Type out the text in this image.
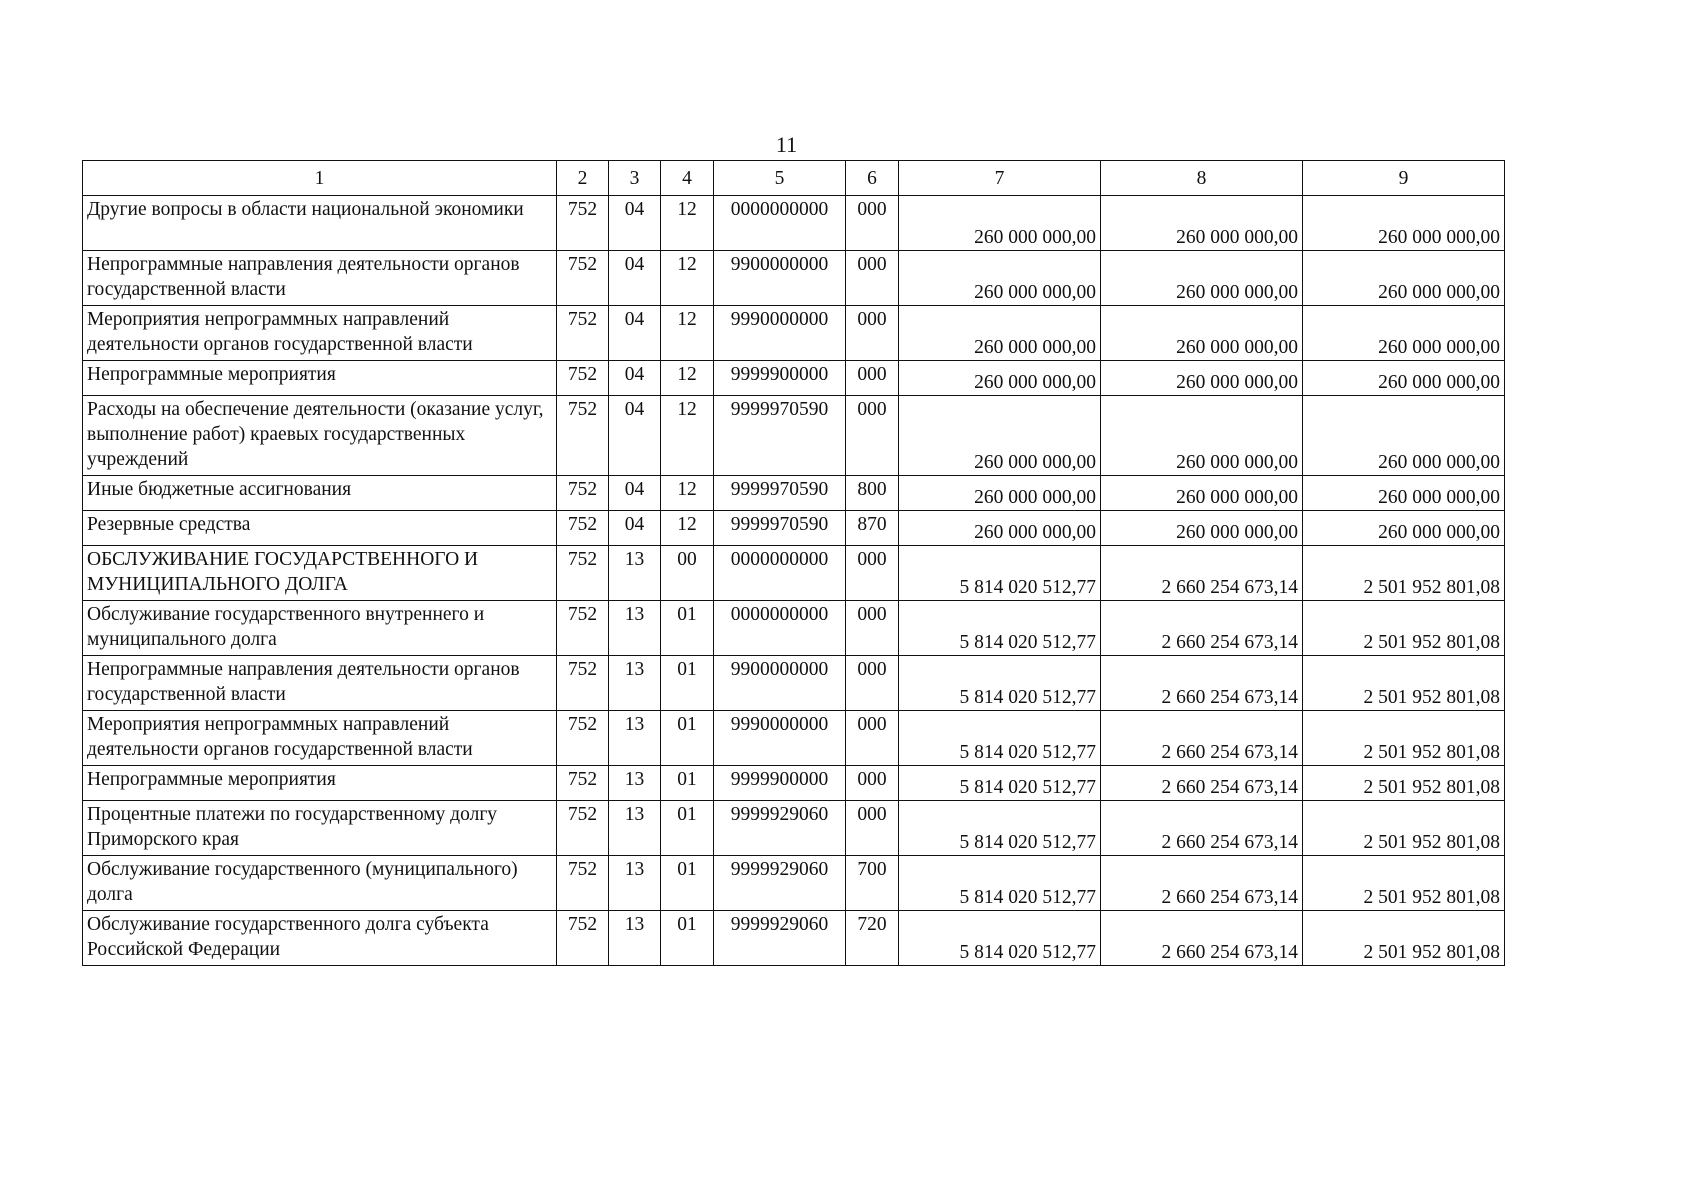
11
1	2	3	4	5	6	7	8	9
Другие вопросы в области национальной экономики	752	04	12	0000000000	000	260 000 000,00	260 000 000,00	260 000 000,00
Непрограммные направления деятельности органов государственной власти	752	04	12	9900000000	000	260 000 000,00	260 000 000,00	260 000 000,00
Мероприятия непрограммных направлений деятельности органов государственной власти	752	04	12	9990000000	000	260 000 000,00	260 000 000,00	260 000 000,00
Непрограммные мероприятия	752	04	12	9999900000	000	260 000 000,00	260 000 000,00	260 000 000,00
Расходы на обеспечение деятельности (оказание услуг, выполнение работ) краевых государственных учреждений	752	04	12	9999970590	000	260 000 000,00	260 000 000,00	260 000 000,00
Иные бюджетные ассигнования	752	04	12	9999970590	800	260 000 000,00	260 000 000,00	260 000 000,00
Резервные средства	752	04	12	9999970590	870	260 000 000,00	260 000 000,00	260 000 000,00
ОБСЛУЖИВАНИЕ ГОСУДАРСТВЕННОГО И МУНИЦИПАЛЬНОГО ДОЛГА	752	13	00	0000000000	000	5 814 020 512,77	2 660 254 673,14	2 501 952 801,08
Обслуживание государственного внутреннего и муниципального долга	752	13	01	0000000000	000	5 814 020 512,77	2 660 254 673,14	2 501 952 801,08
Непрограммные направления деятельности органов государственной власти	752	13	01	9900000000	000	5 814 020 512,77	2 660 254 673,14	2 501 952 801,08
Мероприятия непрограммных направлений деятельности органов государственной власти	752	13	01	9990000000	000	5 814 020 512,77	2 660 254 673,14	2 501 952 801,08
Непрограммные мероприятия	752	13	01	9999900000	000	5 814 020 512,77	2 660 254 673,14	2 501 952 801,08
Процентные платежи по государственному долгу Приморского края	752	13	01	9999929060	000	5 814 020 512,77	2 660 254 673,14	2 501 952 801,08
Обслуживание государственного (муниципального) долга	752	13	01	9999929060	700	5 814 020 512,77	2 660 254 673,14	2 501 952 801,08
Обслуживание государственного долга субъекта Российской Федерации	752	13	01	9999929060	720	5 814 020 512,77	2 660 254 673,14	2 501 952 801,08
